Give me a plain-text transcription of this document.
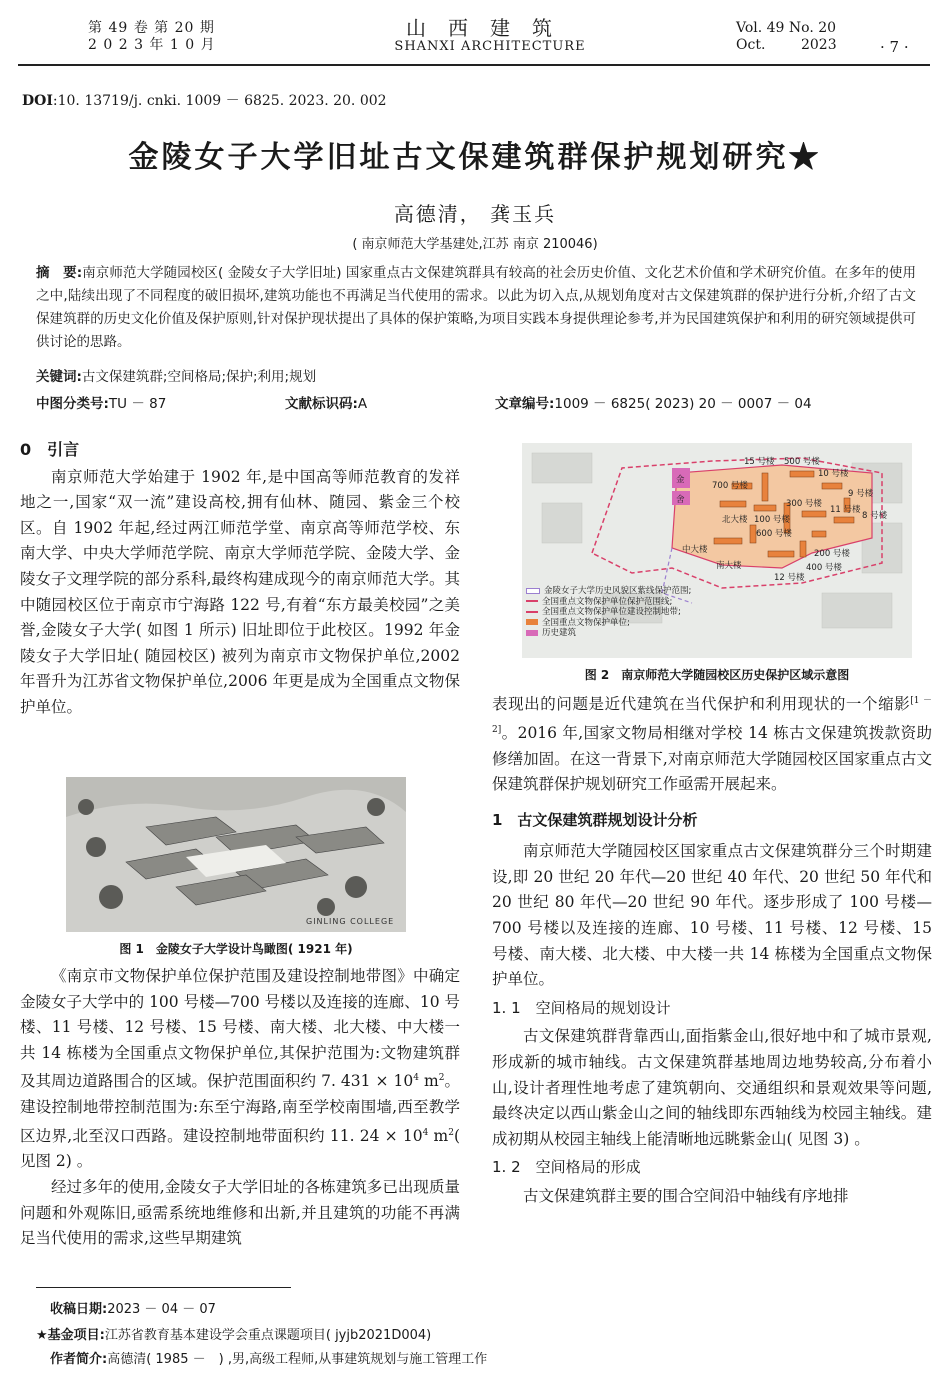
第 49 卷 第 20 期
2 0 2 3 年 1 0 月
山西建筑
SHANXI ARCHITECTURE
Vol. 49 No. 20
Oct.        2023	· 7 ·
DOI:10. 13719/j. cnki. 1009 － 6825. 2023. 20. 002
金陵女子大学旧址古文保建筑群保护规划研究★
高德清， 龚玉兵
( 南京师范大学基建处,江苏 南京 210046)
摘　要:南京师范大学随园校区( 金陵女子大学旧址) 国家重点古文保建筑群具有较高的社会历史价值、文化艺术价值和学术研究价值。在多年的使用之中,陆续出现了不同程度的破旧损坏,建筑功能也不再满足当代使用的需求。以此为切入点,从规划角度对古文保建筑群的保护进行分析,介绍了古文保建筑群的历史文化价值及保护原则,针对保护现状提出了具体的保护策略,为项目实践本身提供理论参考,并为民国建筑保护和利用的研究领域提供可供讨论的思路。
关键词:古文保建筑群;空间格局;保护;利用;规划
中图分类号:TU － 87	文献标识码:A	文章编号:1009 － 6825( 2023) 20 － 0007 － 04
0　引言

南京师范大学始建于 1902 年,是中国高等师范教育的发祥地之一,国家“双一流”建设高校,拥有仙林、随园、紫金三个校区。自 1902 年起,经过两江师范学堂、南京高等师范学校、东南大学、中央大学师范学院、南京大学师范学院、金陵大学、金陵女子文理学院的部分系科,最终构建成现今的南京师范大学。其中随园校区位于南京市宁海路 122 号,有着“东方最美校园”之美誉,金陵女子大学( 如图 1 所示) 旧址即位于此校区。1992 年金陵女子大学旧址( 随园校区) 被列为南京市文物保护单位,2002 年晋升为江苏省文物保护单位,2006 年更是成为全国重点文物保护单位。

GINLING COLLEGE
图 1　金陵女子大学设计鸟瞰图( 1921 年)

《南京市文物保护单位保护范围及建设控制地带图》中确定金陵女子大学中的 100 号楼—700 号楼以及连接的连廊、10 号楼、11 号楼、12 号楼、15 号楼、南大楼、北大楼、中大楼一共 14 栋楼为全国重点文物保护单位,其保护范围为:文物建筑群及其周边道路围合的区域。保护范围面积约 7. $431 \times 10^4$ $m^2$。建设控制地带控制范围为:东至宁海路,南至学校南围墙,西至教学区边界,北至汉口西路。建设控制地带面积约 11. $24 \times 10^4$ $m^2$( 见图 2) 。

经过多年的使用,金陵女子大学旧址的各栋建筑多已出现质量问题和外观陈旧,亟需系统地维修和出新,并且建筑的功能不再满足当代使用的需求,这些早期建筑

15 号楼 500 号楼
10 号楼
700 号楼
9 号楼
300 号楼
11 号楼
北大楼 100 号楼	8 号楼
600 号楼
中大楼	200 号楼
南大楼	400 号楼
12 号楼
金
舍
金陵女子大学历史风貌区紫线保护范围;
全国重点文物保护单位保护范围线;
全国重点文物保护单位建设控制地带;
全国重点文物保护单位;
历史建筑
图 2　南京师范大学随园校区历史保护区域示意图
表现出的问题是近代建筑在当代保护和利用现状的一个缩影[1 －2]。2016 年,国家文物局相继对学校 14 栋古文保建筑拨款资助修缮加固。在这一背景下,对南京师范大学随园校区国家重点古文保建筑群保护规划研究工作亟需开展起来。
1　古文保建筑群规划设计分析

南京师范大学随园校区国家重点古文保建筑群分三个时期建设,即 20 世纪 20 年代—20 世纪 40 年代、20 世纪 50 年代和 20 世纪 80 年代—20 世纪 90 年代。逐步形成了 100 号楼—700 号楼以及连接的连廊、10 号楼、11 号楼、12 号楼、15 号楼、南大楼、北大楼、中大楼一共 14 栋楼为全国重点文物保护单位。

1. 1　空间格局的规划设计

古文保建筑群背靠西山,面指紫金山,很好地中和了城市景观,形成新的城市轴线。古文保建筑群基地周边地势较高,分布着小山,设计者理性地考虑了建筑朝向、交通组织和景观效果等问题,最终决定以西山紫金山之间的轴线即东西轴线为校园主轴线。建成初期从校园主轴线上能清晰地远眺紫金山( 见图 3) 。

1. 2　空间格局的形成

古文保建筑群主要的围合空间沿中轴线有序地排

收稿日期:2023 － 04 － 07
★基金项目:江苏省教育基本建设学会重点课题项目( jyjb2021D004)
作者简介:高德清( 1985 －　) ,男,高级工程师,从事建筑规划与施工管理工作
